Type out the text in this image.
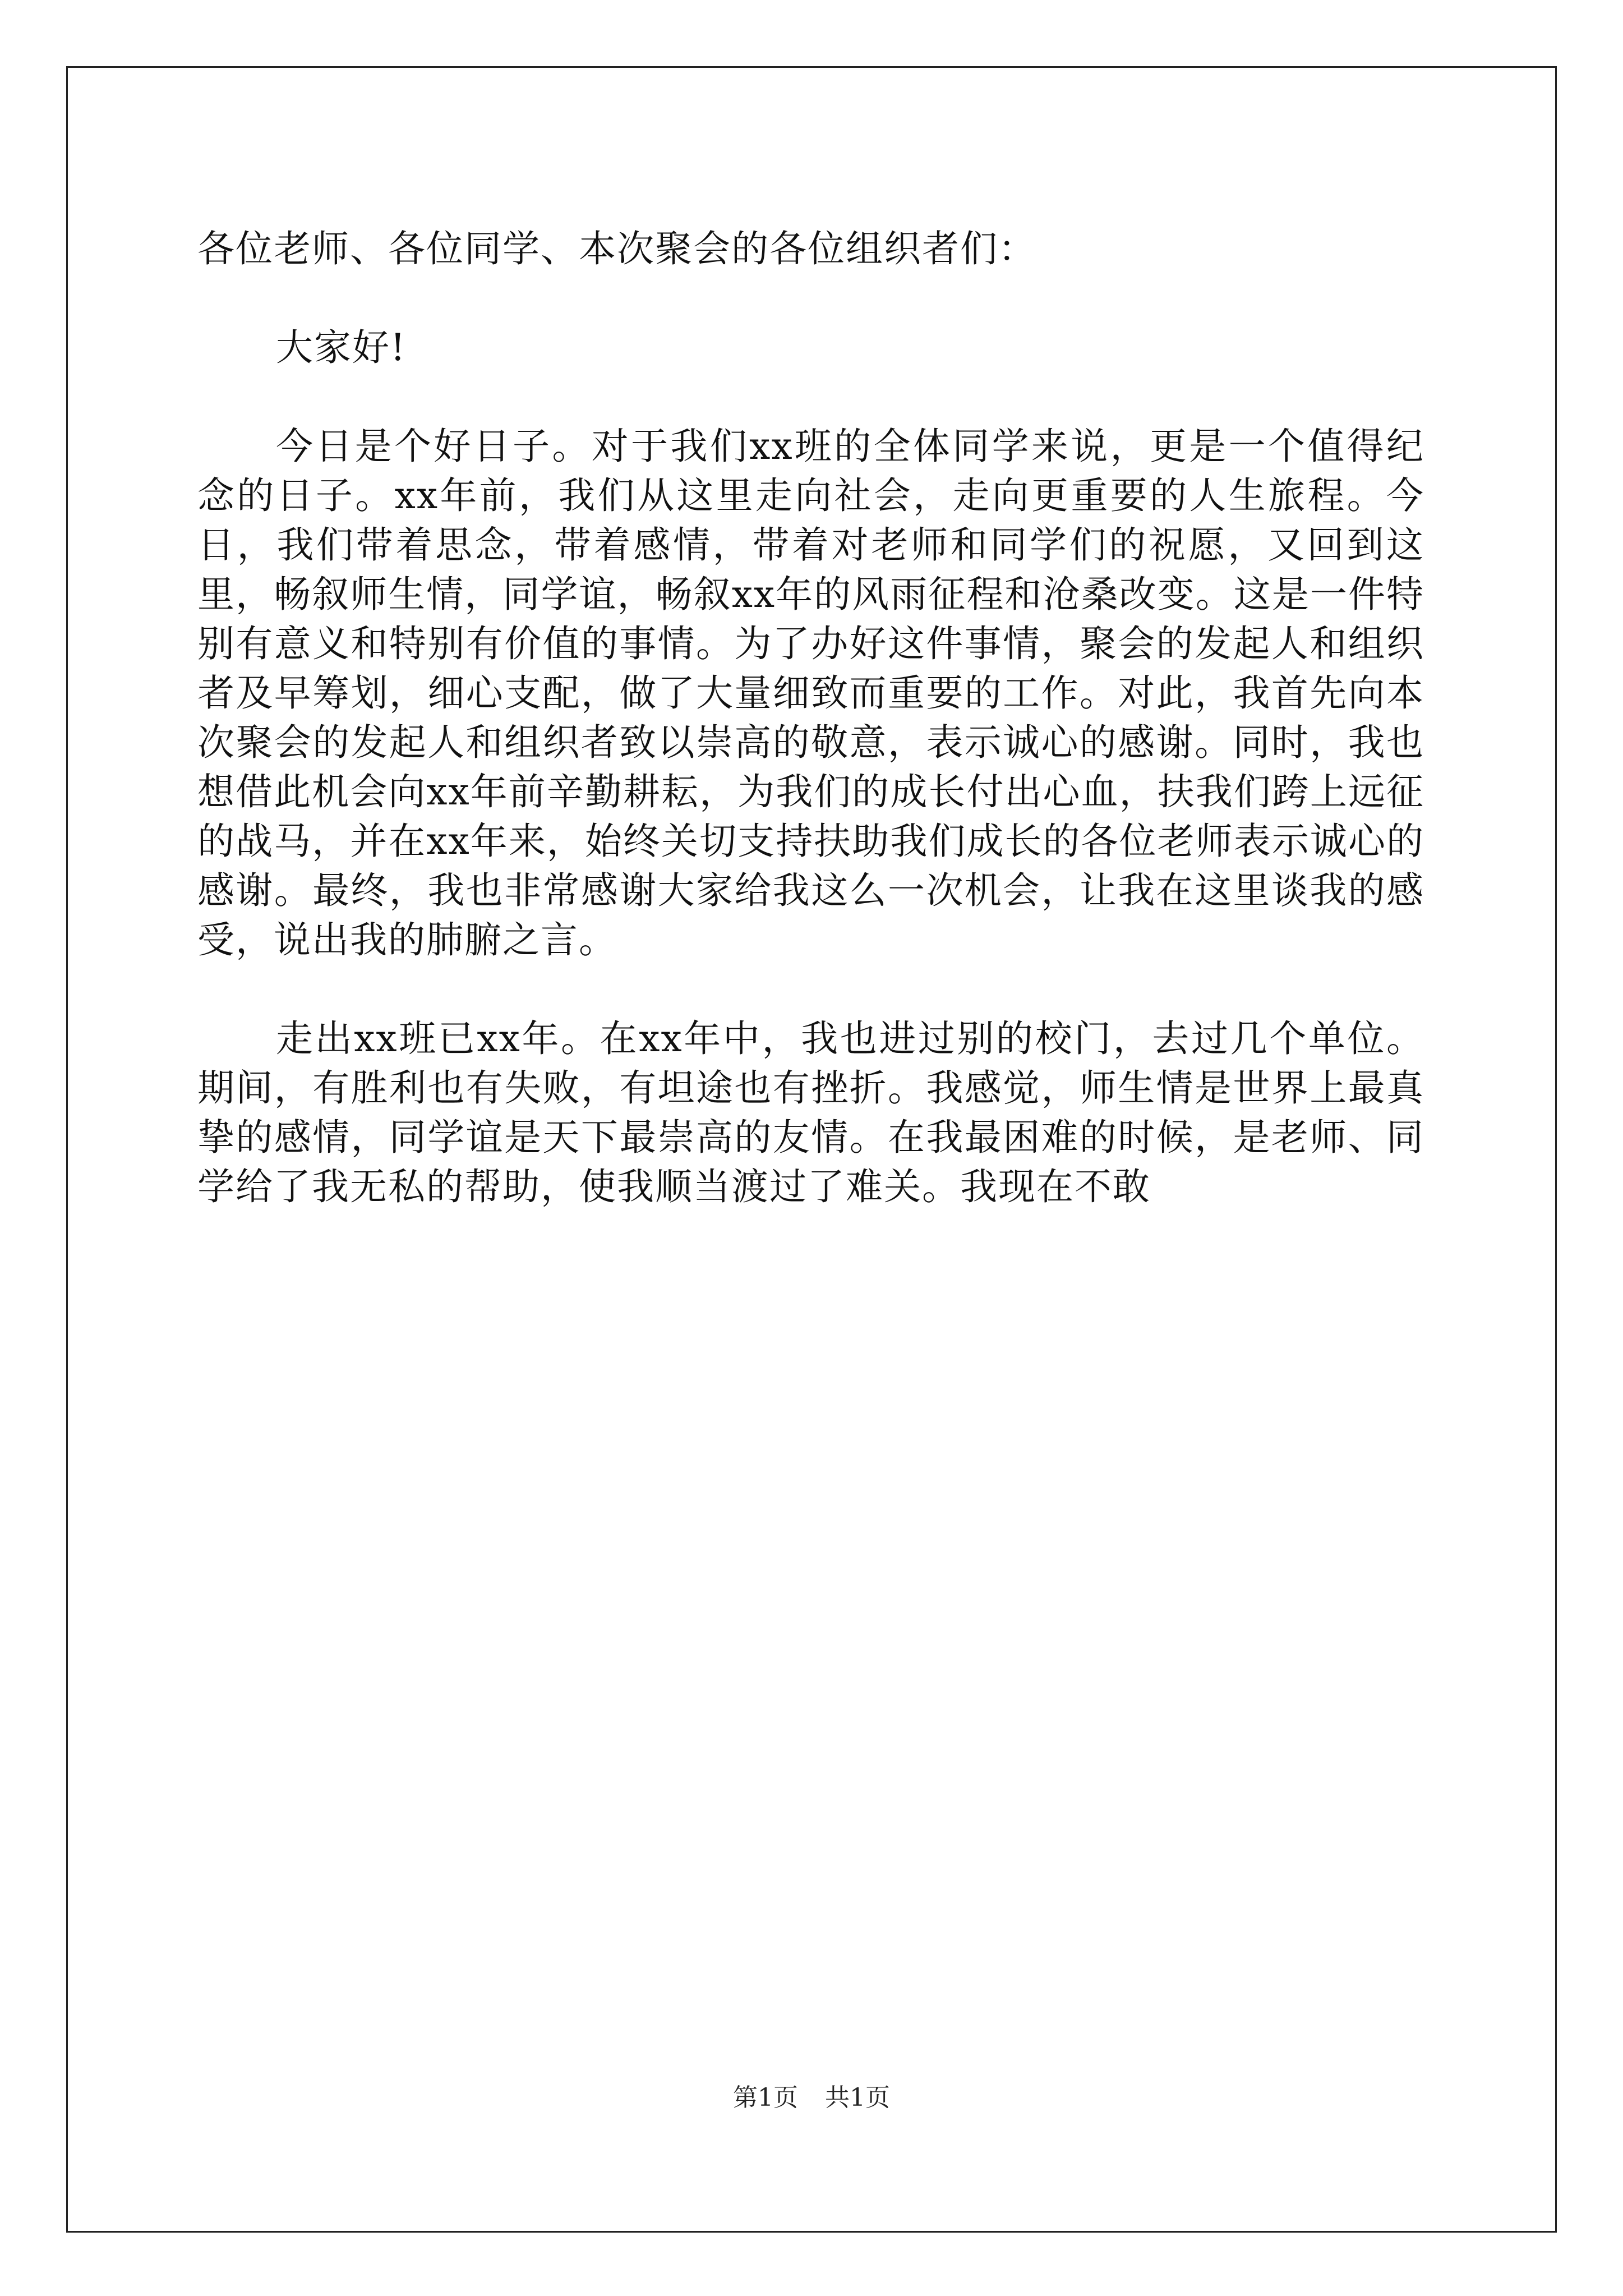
各位老师、各位同学、本次聚会的各位组织者们：

大家好!

今日是个好日子。对于我们xx班的全体同学来说，更是一个值得纪念的日子。xx年前，我们从这里走向社会，走向更重要的人生旅程。今日，我们带着思念，带着感情，带着对老师和同学们的祝愿，又回到这里，畅叙师生情，同学谊，畅叙xx年的风雨征程和沧桑改变。这是一件特别有意义和特别有价值的事情。为了办好这件事情，聚会的发起人和组织者及早筹划，细心支配，做了大量细致而重要的工作。对此，我首先向本次聚会的发起人和组织者致以崇高的敬意，表示诚心的感谢。同时，我也想借此机会向xx年前辛勤耕耘，为我们的成长付出心血，扶我们跨上远征的战马，并在xx年来，始终关切支持扶助我们成长的各位老师表示诚心的感谢。最终，我也非常感谢大家给我这么一次机会，让我在这里谈我的感受，说出我的肺腑之言。

走出xx班已xx年。在xx年中，我也进过别的校门，去过几个单位。期间，有胜利也有失败，有坦途也有挫折。我感觉，师生情是世界上最真挚的感情，同学谊是天下最崇高的友情。在我最困难的时候，是老师、同学给了我无私的帮助，使我顺当渡过了难关。我现在不敢

第1页 共1页
